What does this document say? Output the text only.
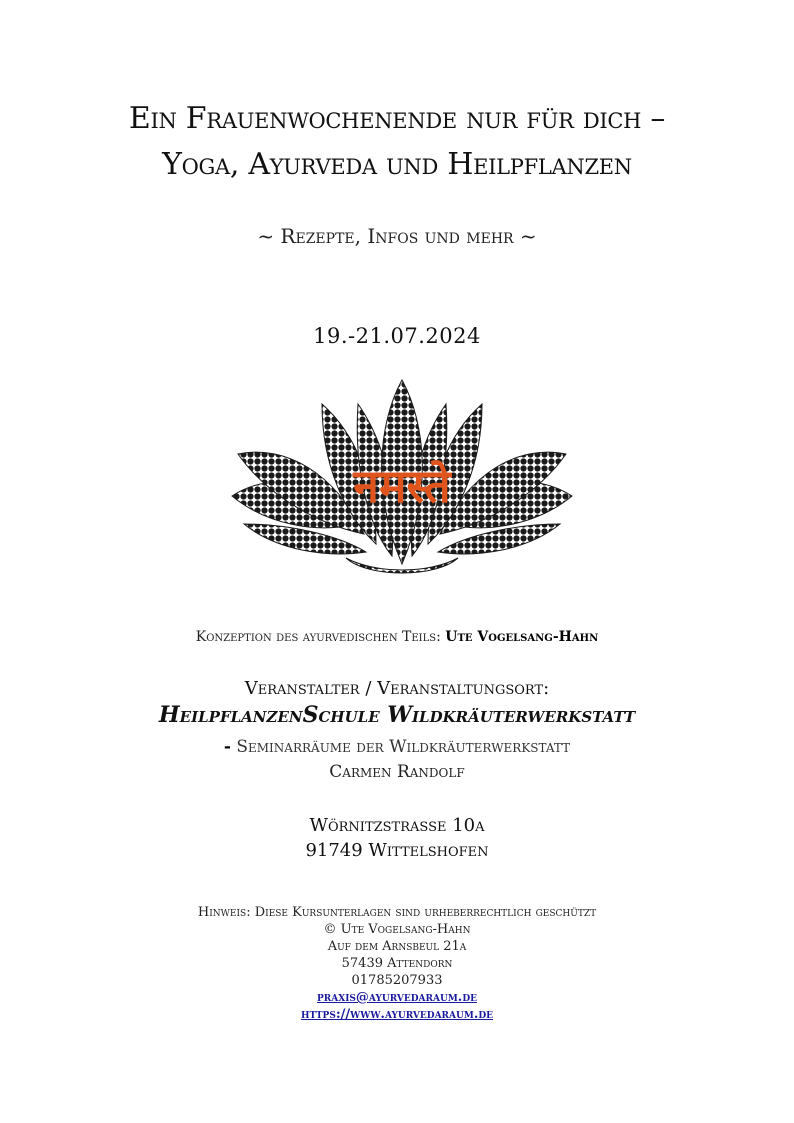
Ein Frauenwochenende nur für dich –
Yoga, Ayurveda und Heilpflanzen
~ Rezepte, Infos und mehr ~
19.-21.07.2024
नमस्ते
Konzeption des ayurvedischen Teils: Ute Vogelsang-Hahn
Veranstalter / Veranstaltungsort:
HeilpflanzenSchule Wildkräuterwerkstatt
- Seminarräume der Wildkräuterwerkstatt
Carmen Randolf
Wörnitzstrasse 10a
91749 Wittelshofen
Hinweis: Diese Kursunterlagen sind urheberrechtlich geschützt
© Ute Vogelsang-Hahn
Auf dem Arnsbeul 21a
57439 Attendorn
01785207933
praxis@ayurvedaraum.de
https://www.ayurvedaraum.de
